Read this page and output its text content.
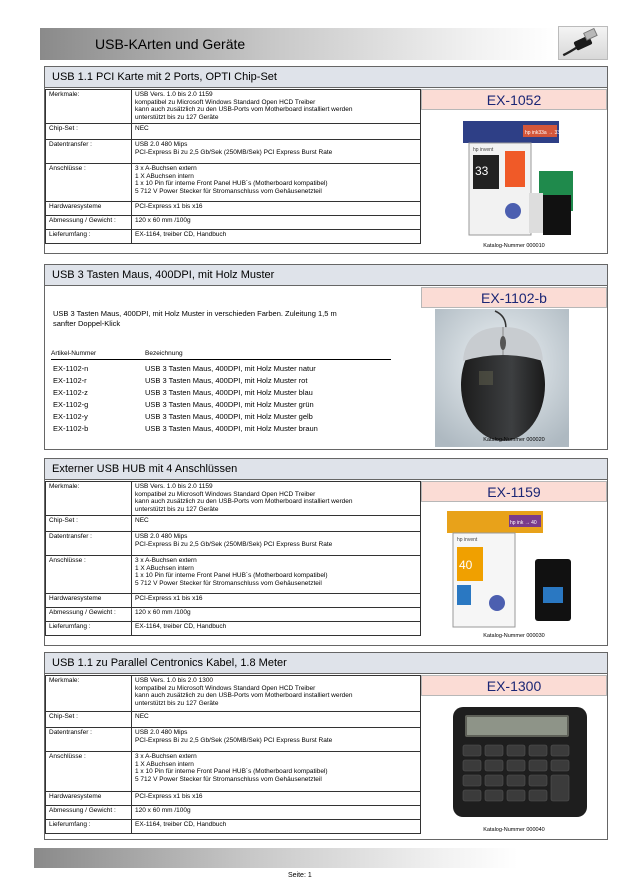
USB-KArten und Geräte
USB 1.1 PCI Karte mit 2 Ports, OPTI Chip-Set
Merkmale:	USB Vers. 1.0 bis 2.0 1159
kompatibel zu Microsoft Windows Standard Open HCD Treiber
kann auch zusätzlich zu den USB-Ports vom Motherboard installiert werden
unterstützt bis zu 127 Geräte
Chip-Set :	NEC
Datentransfer :	USB 2.0 480 Mips
PCI-Express Bi zu 2,5 Gb/Sek (250MB/Sek) PCI Express Burst Rate
Anschlüsse :	3 x A-Buchsen extern
1 X ABuchsen intern
1 x 10 Pin für interne Front Panel HUB´s (Motherboard kompatibel)
5 712 V Power Stecker für Stromanschluss vom Gehäusenetzteil
Hardwaresysteme	PCI-Express x1 bis x16
Abmessung / Gewicht :	120 x 60 mm /100g
Lieferumfang :	EX-1164, treiber CD, Handbuch
EX-1052
hp ink33a → 33
33
hp invent
Katalog-Nummer 000010
USB 3 Tasten Maus, 400DPI, mit Holz Muster
EX-1102-b
USB 3 Tasten Maus, 400DPI, mit Holz Muster in verschieden Farben. Zuleitung 1,5 m
sanfter Doppel-Klick
Artikel-Nummer	Bezeichnung
EX-1102-n	USB 3 Tasten Maus, 400DPI, mit Holz Muster natur
EX-1102-r	USB 3 Tasten Maus, 400DPI, mit Holz Muster rot
EX-1102-z	USB 3 Tasten Maus, 400DPI, mit Holz Muster blau
EX-1102-g	USB 3 Tasten Maus, 400DPI, mit Holz Muster grün
EX-1102-y	USB 3 Tasten Maus, 400DPI, mit Holz Muster gelb
EX-1102-b	USB 3 Tasten Maus, 400DPI, mit Holz Muster braun
Katalog-Nummer 000020
Externer USB HUB mit 4 Anschlüssen
Merkmale:	USB Vers. 1.0 bis 2.0 1159
kompatibel zu Microsoft Windows Standard Open HCD Treiber
kann auch zusätzlich zu den USB-Ports vom Motherboard installiert werden
unterstützt bis zu 127 Geräte
Chip-Set :	NEC
Datentransfer :	USB 2.0 480 Mips
PCI-Express Bi zu 2,5 Gb/Sek (250MB/Sek) PCI Express Burst Rate
Anschlüsse :	3 x A-Buchsen extern
1 X ABuchsen intern
1 x 10 Pin für interne Front Panel HUB´s (Motherboard kompatibel)
5 712 V Power Stecker für Stromanschluss vom Gehäusenetzteil
Hardwaresysteme	PCI-Express x1 bis x16
Abmessung / Gewicht :	120 x 60 mm /100g
Lieferumfang :	EX-1164, treiber CD, Handbuch
EX-1159
hp ink → 40
40
hp invent
Katalog-Nummer 000030
USB 1.1 zu Parallel Centronics Kabel, 1.8 Meter
Merkmale:	USB Vers. 1.0 bis 2.0 1300
kompatibel zu Microsoft Windows Standard Open HCD Treiber
kann auch zusätzlich zu den USB-Ports vom Motherboard installiert werden
unterstützt bis zu 127 Geräte
Chip-Set :	NEC
Datentransfer :	USB 2.0 480 Mips
PCI-Express Bi zu 2,5 Gb/Sek (250MB/Sek) PCI Express Burst Rate
Anschlüsse :	3 x A-Buchsen extern
1 X ABuchsen intern
1 x 10 Pin für interne Front Panel HUB´s (Motherboard kompatibel)
5 712 V Power Stecker für Stromanschluss vom Gehäusenetzteil
Hardwaresysteme	PCI-Express x1 bis x16
Abmessung / Gewicht :	120 x 60 mm /100g
Lieferumfang :	EX-1164, treiber CD, Handbuch
EX-1300
Katalog-Nummer 000040
Seite: 1
